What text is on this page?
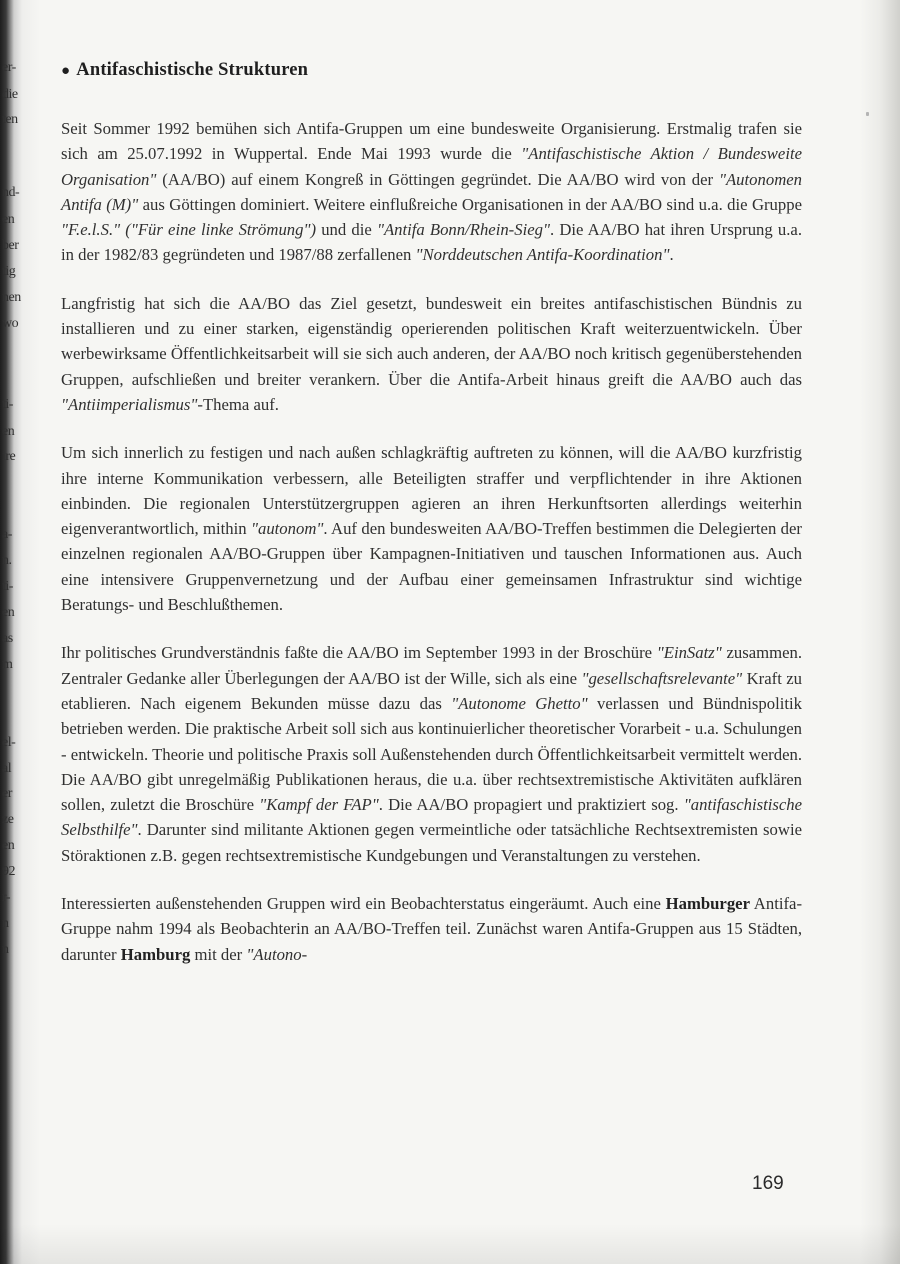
er-
die
ten
nd-
en
ber
tig
nen
wo
ti-
en
ire
a-
n.
ti-
en
as
m
el-
al
er
ze
en
92
r-
n
n
● Antifaschistische Strukturen

Seit Sommer 1992 bemühen sich Antifa-Gruppen um eine bundesweite Organisierung. Erstmalig trafen sie sich am 25.07.1992 in Wuppertal. Ende Mai 1993 wurde die "Antifaschistische Aktion / Bundesweite Organisation" (AA/BO) auf einem Kongreß in Göttingen gegründet. Die AA/BO wird von der "Autonomen Antifa (M)" aus Göttingen dominiert. Weitere einflußreiche Organisationen in der AA/BO sind u.a. die Gruppe "F.e.l.S." ("Für eine linke Strömung") und die "Antifa Bonn/Rhein-Sieg". Die AA/BO hat ihren Ursprung u.a. in der 1982/83 gegründeten und 1987/88 zerfallenen "Norddeutschen Antifa-Koordination".

Langfristig hat sich die AA/BO das Ziel gesetzt, bundesweit ein breites antifaschistischen Bündnis zu installieren und zu einer starken, eigenständig operierenden politischen Kraft weiterzuentwickeln. Über werbewirksame Öffentlichkeitsarbeit will sie sich auch anderen, der AA/BO noch kritisch gegenüberstehenden Gruppen, aufschließen und breiter verankern. Über die Antifa-Arbeit hinaus greift die AA/BO auch das "Antiimperialismus"-Thema auf.

Um sich innerlich zu festigen und nach außen schlagkräftig auftreten zu können, will die AA/BO kurzfristig ihre interne Kommunikation verbessern, alle Beteiligten straffer und verpflichtender in ihre Aktionen einbinden. Die regionalen Unterstützergruppen agieren an ihren Herkunftsorten allerdings weiterhin eigenverantwortlich, mithin "autonom". Auf den bundesweiten AA/BO-Treffen bestimmen die Delegierten der einzelnen regionalen AA/BO-Gruppen über Kampagnen-Initiativen und tauschen Informationen aus. Auch eine intensivere Gruppenvernetzung und der Aufbau einer gemeinsamen Infrastruktur sind wichtige Beratungs- und Beschlußthemen.

Ihr politisches Grundverständnis faßte die AA/BO im September 1993 in der Broschüre "EinSatz" zusammen. Zentraler Gedanke aller Überlegungen der AA/BO ist der Wille, sich als eine "gesellschaftsrelevante" Kraft zu etablieren. Nach eigenem Bekunden müsse dazu das "Autonome Ghetto" verlassen und Bündnispolitik betrieben werden. Die praktische Arbeit soll sich aus kontinuierlicher theoretischer Vorarbeit - u.a. Schulungen - entwickeln. Theorie und politische Praxis soll Außenstehenden durch Öffentlichkeitsarbeit vermittelt werden. Die AA/BO gibt unregelmäßig Publikationen heraus, die u.a. über rechtsextremistische Aktivitäten aufklären sollen, zuletzt die Broschüre "Kampf der FAP". Die AA/BO propagiert und praktiziert sog. "antifaschistische Selbsthilfe". Darunter sind militante Aktionen gegen vermeintliche oder tatsächliche Rechtsextremisten sowie Störaktionen z.B. gegen rechtsextremistische Kundgebungen und Veranstaltungen zu verstehen.

Interessierten außenstehenden Gruppen wird ein Beobachterstatus eingeräumt. Auch eine Hamburger Antifa-Gruppe nahm 1994 als Beobachterin an AA/BO-Treffen teil. Zunächst waren Antifa-Gruppen aus 15 Städten, darunter Hamburg mit der "Autono-

169
